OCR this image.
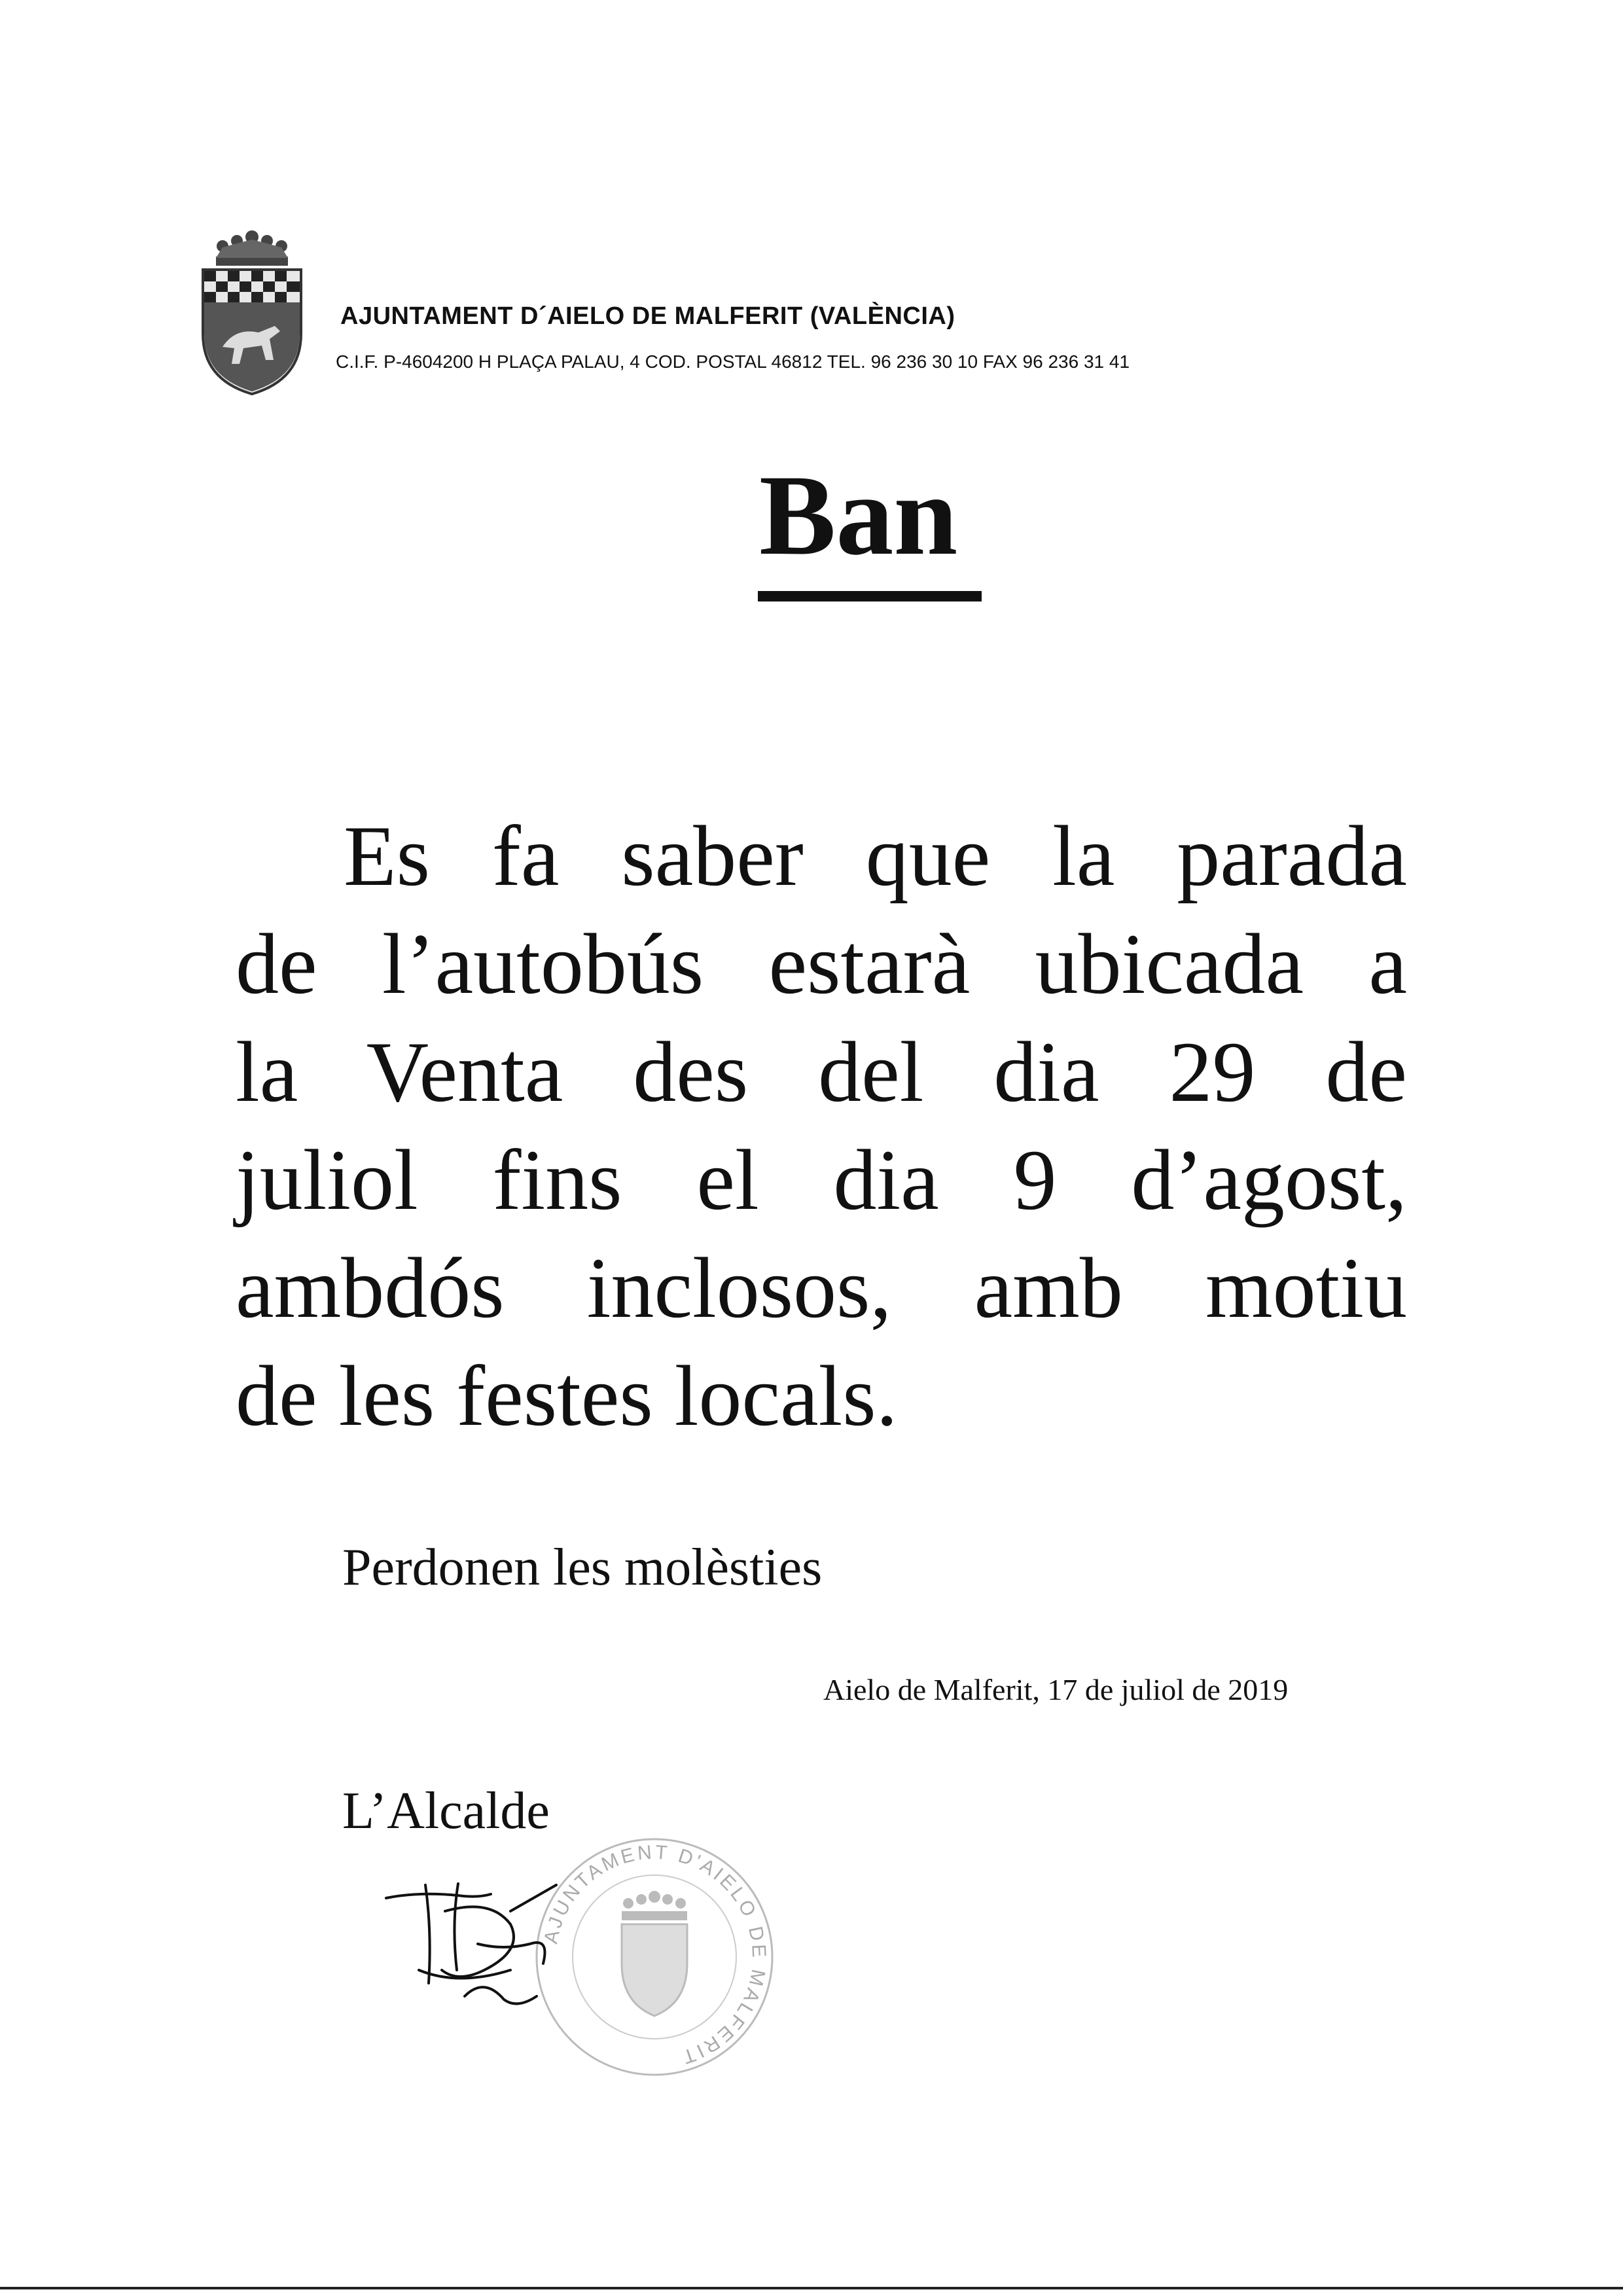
AJUNTAMENT D´AIELO DE MALFERIT (VALÈNCIA)

C.I.F. P-4604200 H PLAÇA PALAU, 4 COD. POSTAL 46812 TEL. 96 236 30 10 FAX 96 236 31 41

Ban
Es fa saber que la parada
de l’autobús estarà ubicada a
la Venta des del dia 29 de
juliol fins el dia 9 d’agost,
ambdós inclosos, amb motiu
de les festes locals.

Perdonen les molèsties

Aielo de Malferit, 17 de juliol de 2019

L’Alcalde

AJUNTAMENT D'AIELO DE MALFERIT
